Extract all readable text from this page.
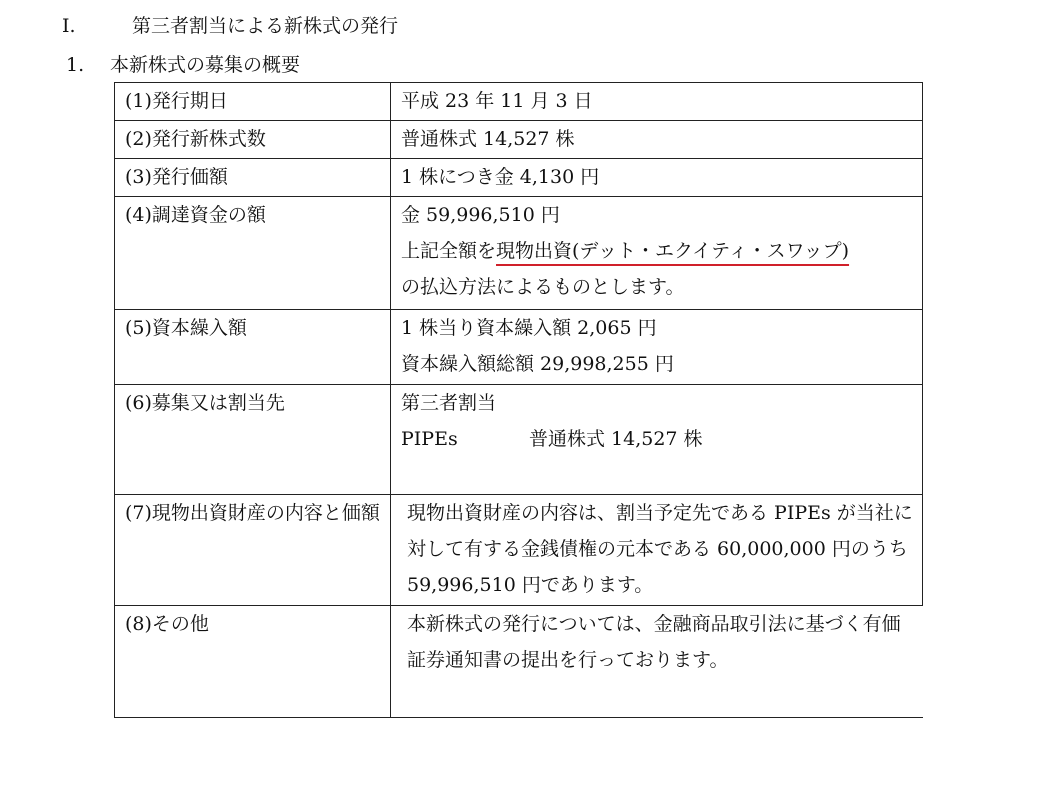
I.	第三者割当による新株式の発行
1. 本新株式の募集の概要
(1)発行期日	平成 23 年 11 月 3 日

(2)発行新株式数	普通株式 14,527 株

(3)発行価額	1 株につき金 4,130 円

(4)調達資金の額	金 59,996,510 円
上記全額を現物出資(デット・エクイティ・スワップ)
の払込方法によるものとします。

(5)資本繰入額	1 株当り資本繰入額 2,065 円
資本繰入額総額 29,998,255 円

(6)募集又は割当先	第三者割当
PIPEs 普通株式 14,527 株

(7)現物出資財産の内容と価額	現物出資財産の内容は、割当予定先である PIPEs が当社に対して有する金銭債権の元本である 60,000,000 円のうち 59,996,510 円であります。
(8)その他	本新株式の発行については、金融商品取引法に基づく有価証券通知書の提出を行っております。
